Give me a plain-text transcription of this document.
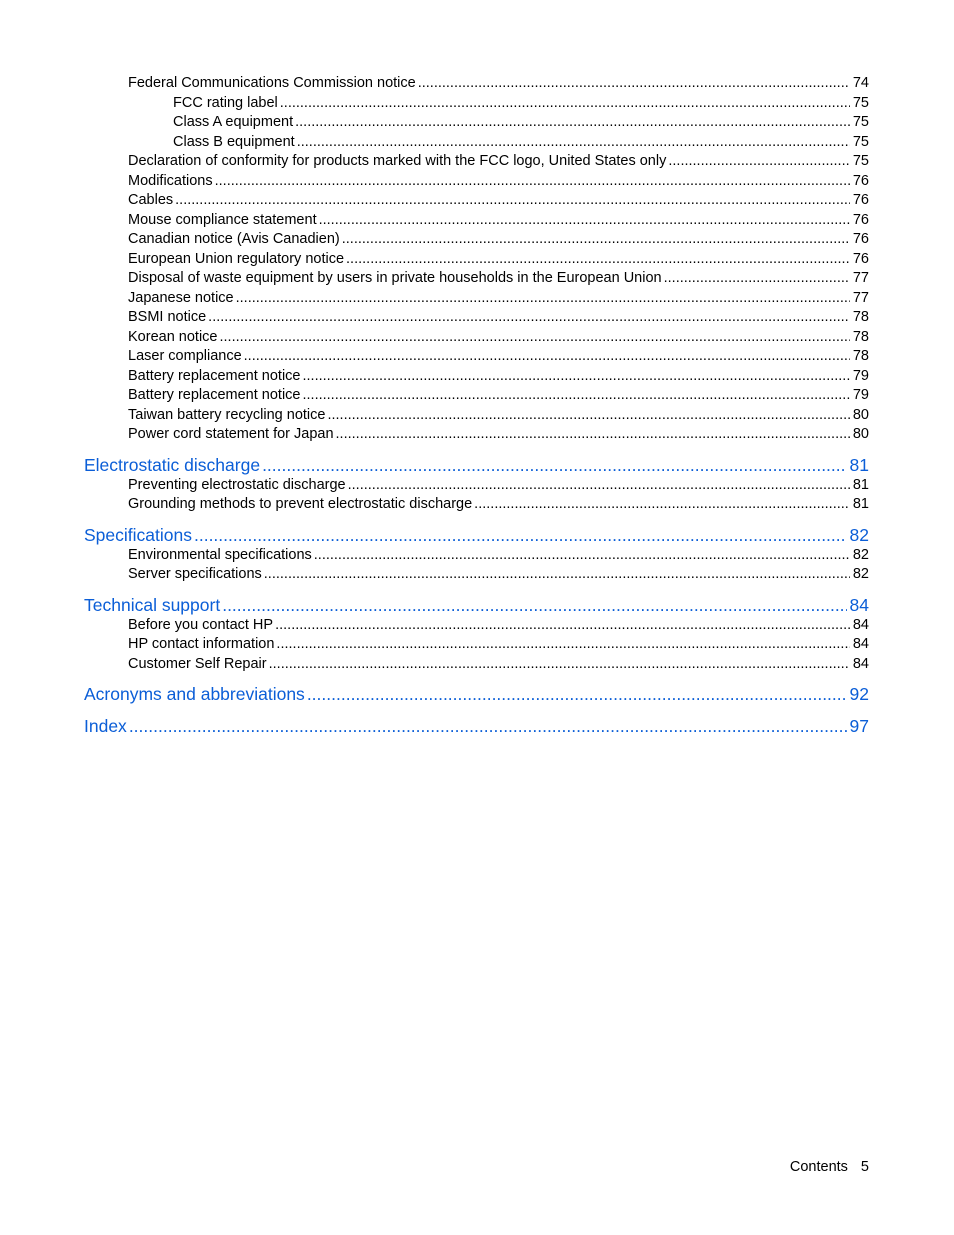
Federal Communications Commission notice .....	74
FCC rating label .....	75
Class A equipment .....	75
Class B equipment .....	75
Declaration of conformity for products marked with the FCC logo, United States only .....	75
Modifications .....	76
Cables .....	76
Mouse compliance statement .....	76
Canadian notice (Avis Canadien) .....	76
European Union regulatory notice .....	76
Disposal of waste equipment by users in private households in the European Union .....	77
Japanese notice .....	77
BSMI notice .....	78
Korean notice .....	78
Laser compliance .....	78
Battery replacement notice .....	79
Battery replacement notice .....	79
Taiwan battery recycling notice .....	80
Power cord statement for Japan .....	80
Electrostatic discharge .....	81
Preventing electrostatic discharge .....	81
Grounding methods to prevent electrostatic discharge .....	81
Specifications .....	82
Environmental specifications .....	82
Server specifications .....	82
Technical support .....	84
Before you contact HP .....	84
HP contact information .....	84
Customer Self Repair .....	84
Acronyms and abbreviations .....	92
Index .....	97
Contents 5
